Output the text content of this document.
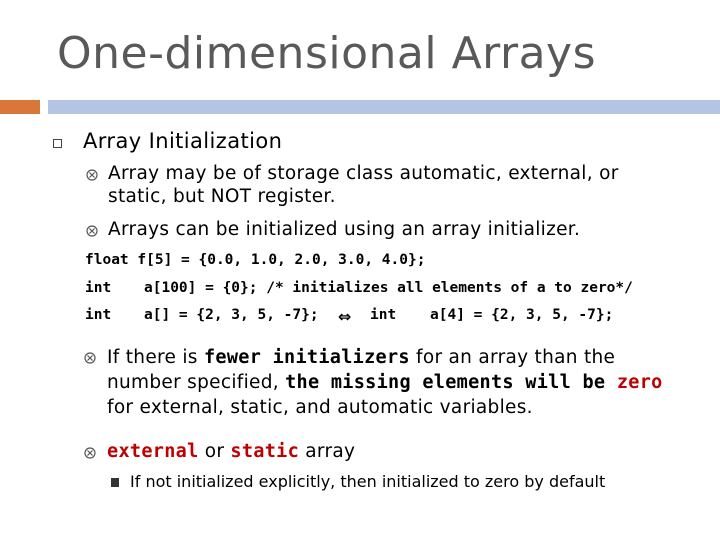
One-dimensional Arrays
Array Initialization
Array may be of storage class automatic, external, or
static, but NOT register.
Arrays can be initialized using an array initializer.
float f[5] = {0.0, 1.0, 2.0, 3.0, 4.0};
int a[100] = {0}; /* initializes all elements of a to zero*/
int a[] = {2, 3, 5, -7}; ⇔ int a[4] = {2, 3, 5, -7};
If there is fewer initializers for an array than the
number specified, the missing elements will be zero
for external, static, and automatic variables.
external or static array
If not initialized explicitly, then initialized to zero by default
